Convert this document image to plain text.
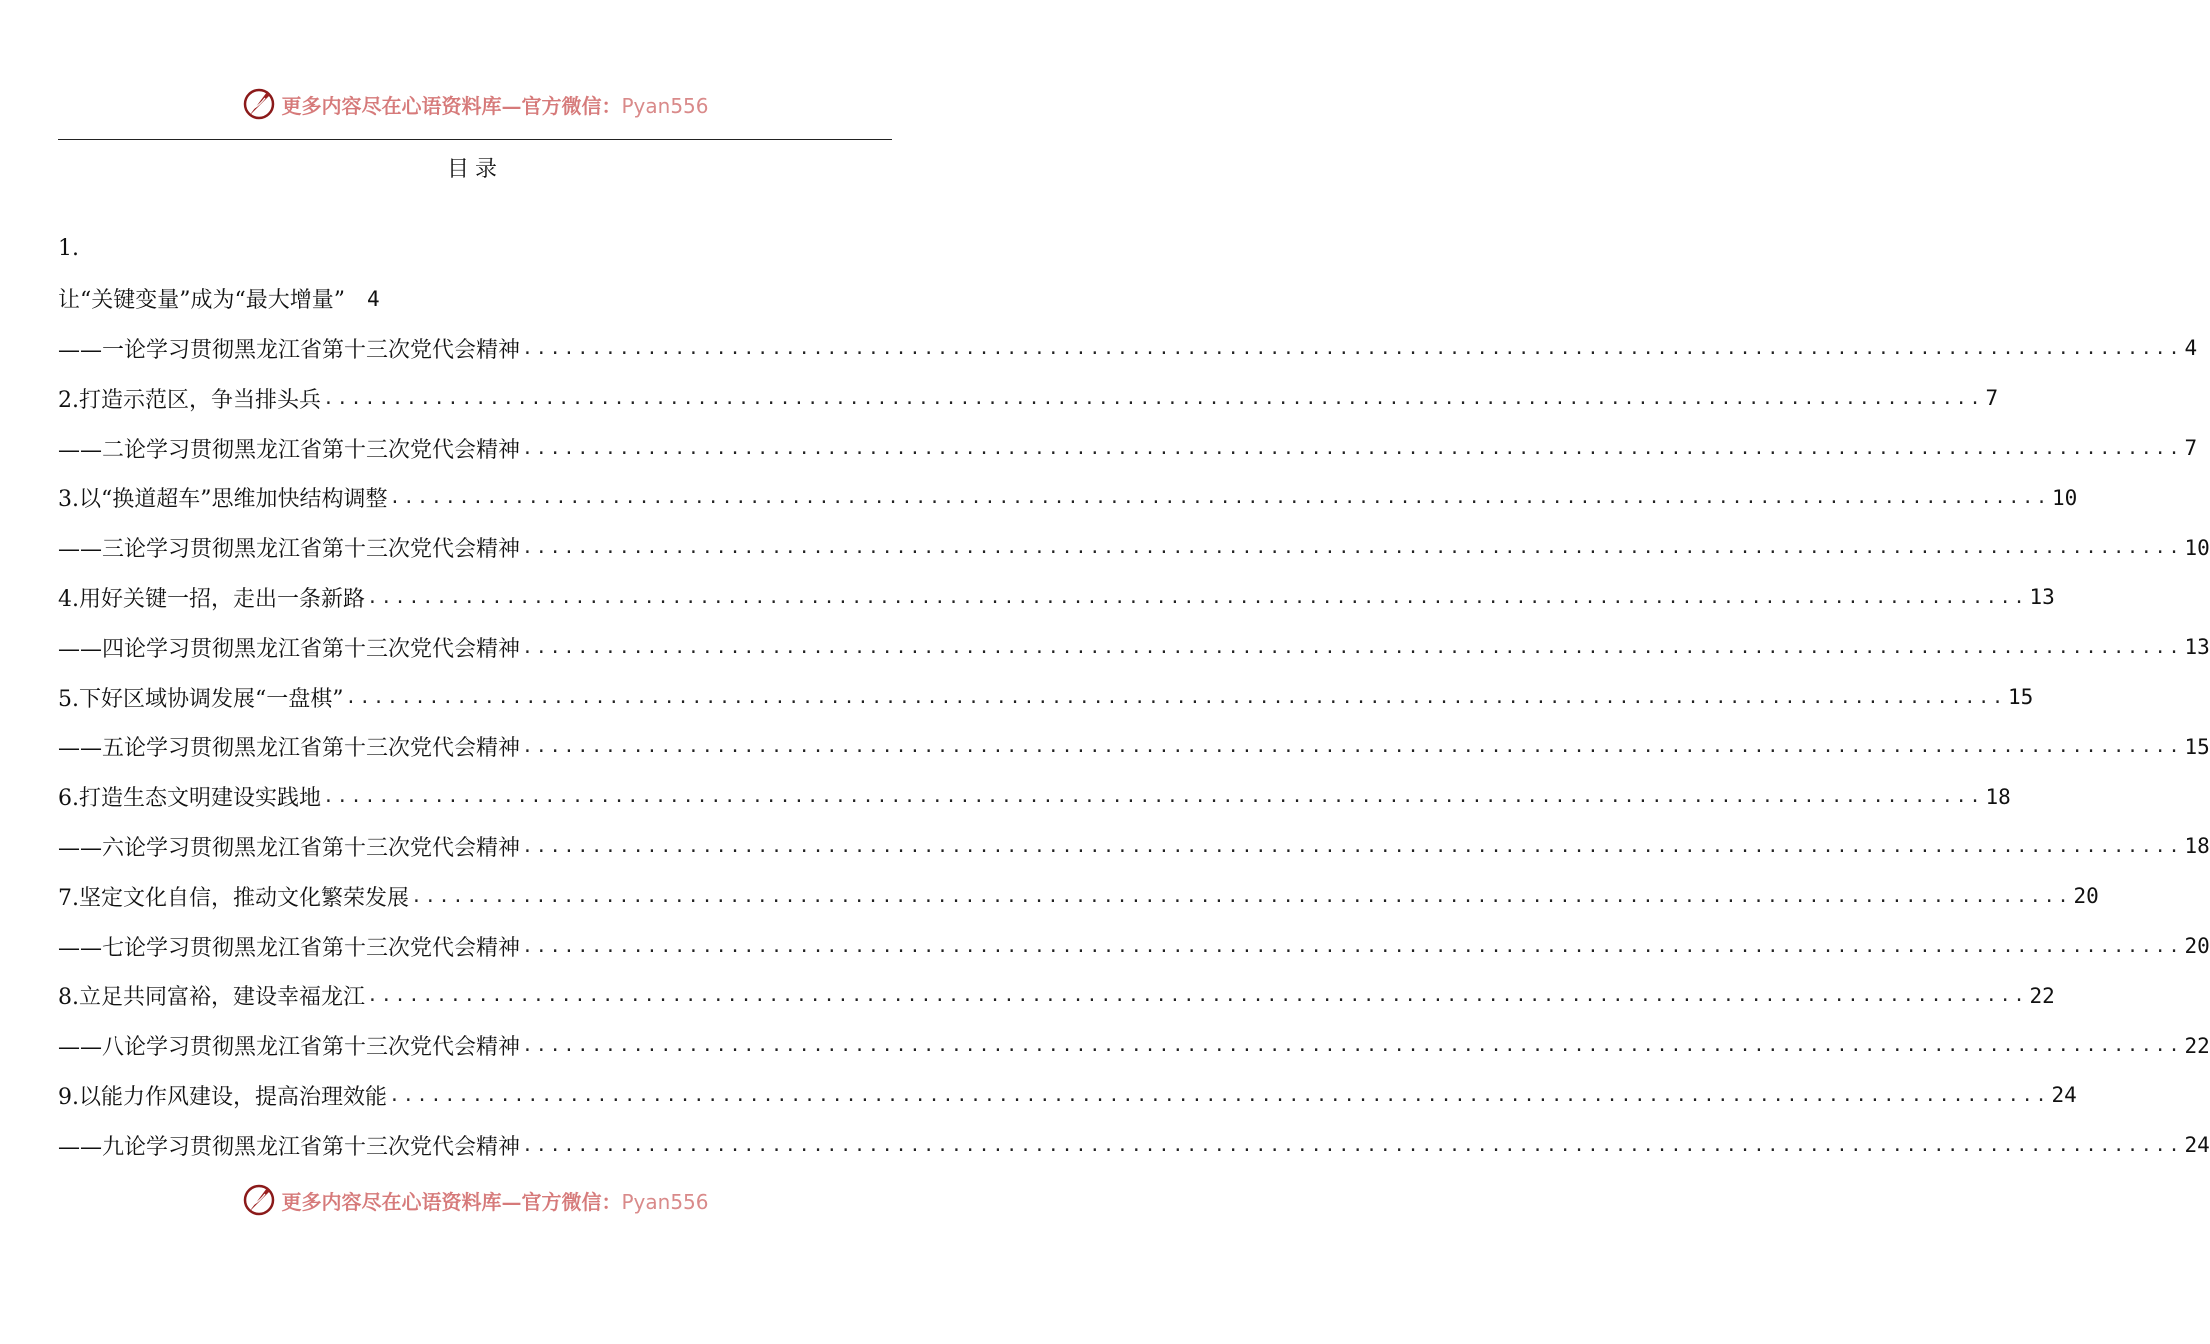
更多内容尽在心语资料库—官方微信：Pyan556
目录
1.
让“关键变量”成为“最大增量” 4
——一论学习贯彻黑龙江省第十三次党代会精神 ........................................................................................................................ 4
2.打造示范区，争当排头兵 ........................................................................................................................ 7
——二论学习贯彻黑龙江省第十三次党代会精神 ........................................................................................................................ 7
3.以“换道超车”思维加快结构调整 ........................................................................................................................ 10
——三论学习贯彻黑龙江省第十三次党代会精神 ........................................................................................................................ 10
4.用好关键一招，走出一条新路 ........................................................................................................................ 13
——四论学习贯彻黑龙江省第十三次党代会精神 ........................................................................................................................ 13
5.下好区域协调发展“一盘棋” ........................................................................................................................ 15
——五论学习贯彻黑龙江省第十三次党代会精神 ........................................................................................................................ 15
6.打造生态文明建设实践地 ........................................................................................................................ 18
——六论学习贯彻黑龙江省第十三次党代会精神 ........................................................................................................................ 18
7.坚定文化自信，推动文化繁荣发展 ........................................................................................................................ 20
——七论学习贯彻黑龙江省第十三次党代会精神 ........................................................................................................................ 20
8.立足共同富裕，建设幸福龙江 ........................................................................................................................ 22
——八论学习贯彻黑龙江省第十三次党代会精神 ........................................................................................................................ 22
9.以能力作风建设，提高治理效能 ........................................................................................................................ 24
——九论学习贯彻黑龙江省第十三次党代会精神 ........................................................................................................................ 24
更多内容尽在心语资料库—官方微信：Pyan556
